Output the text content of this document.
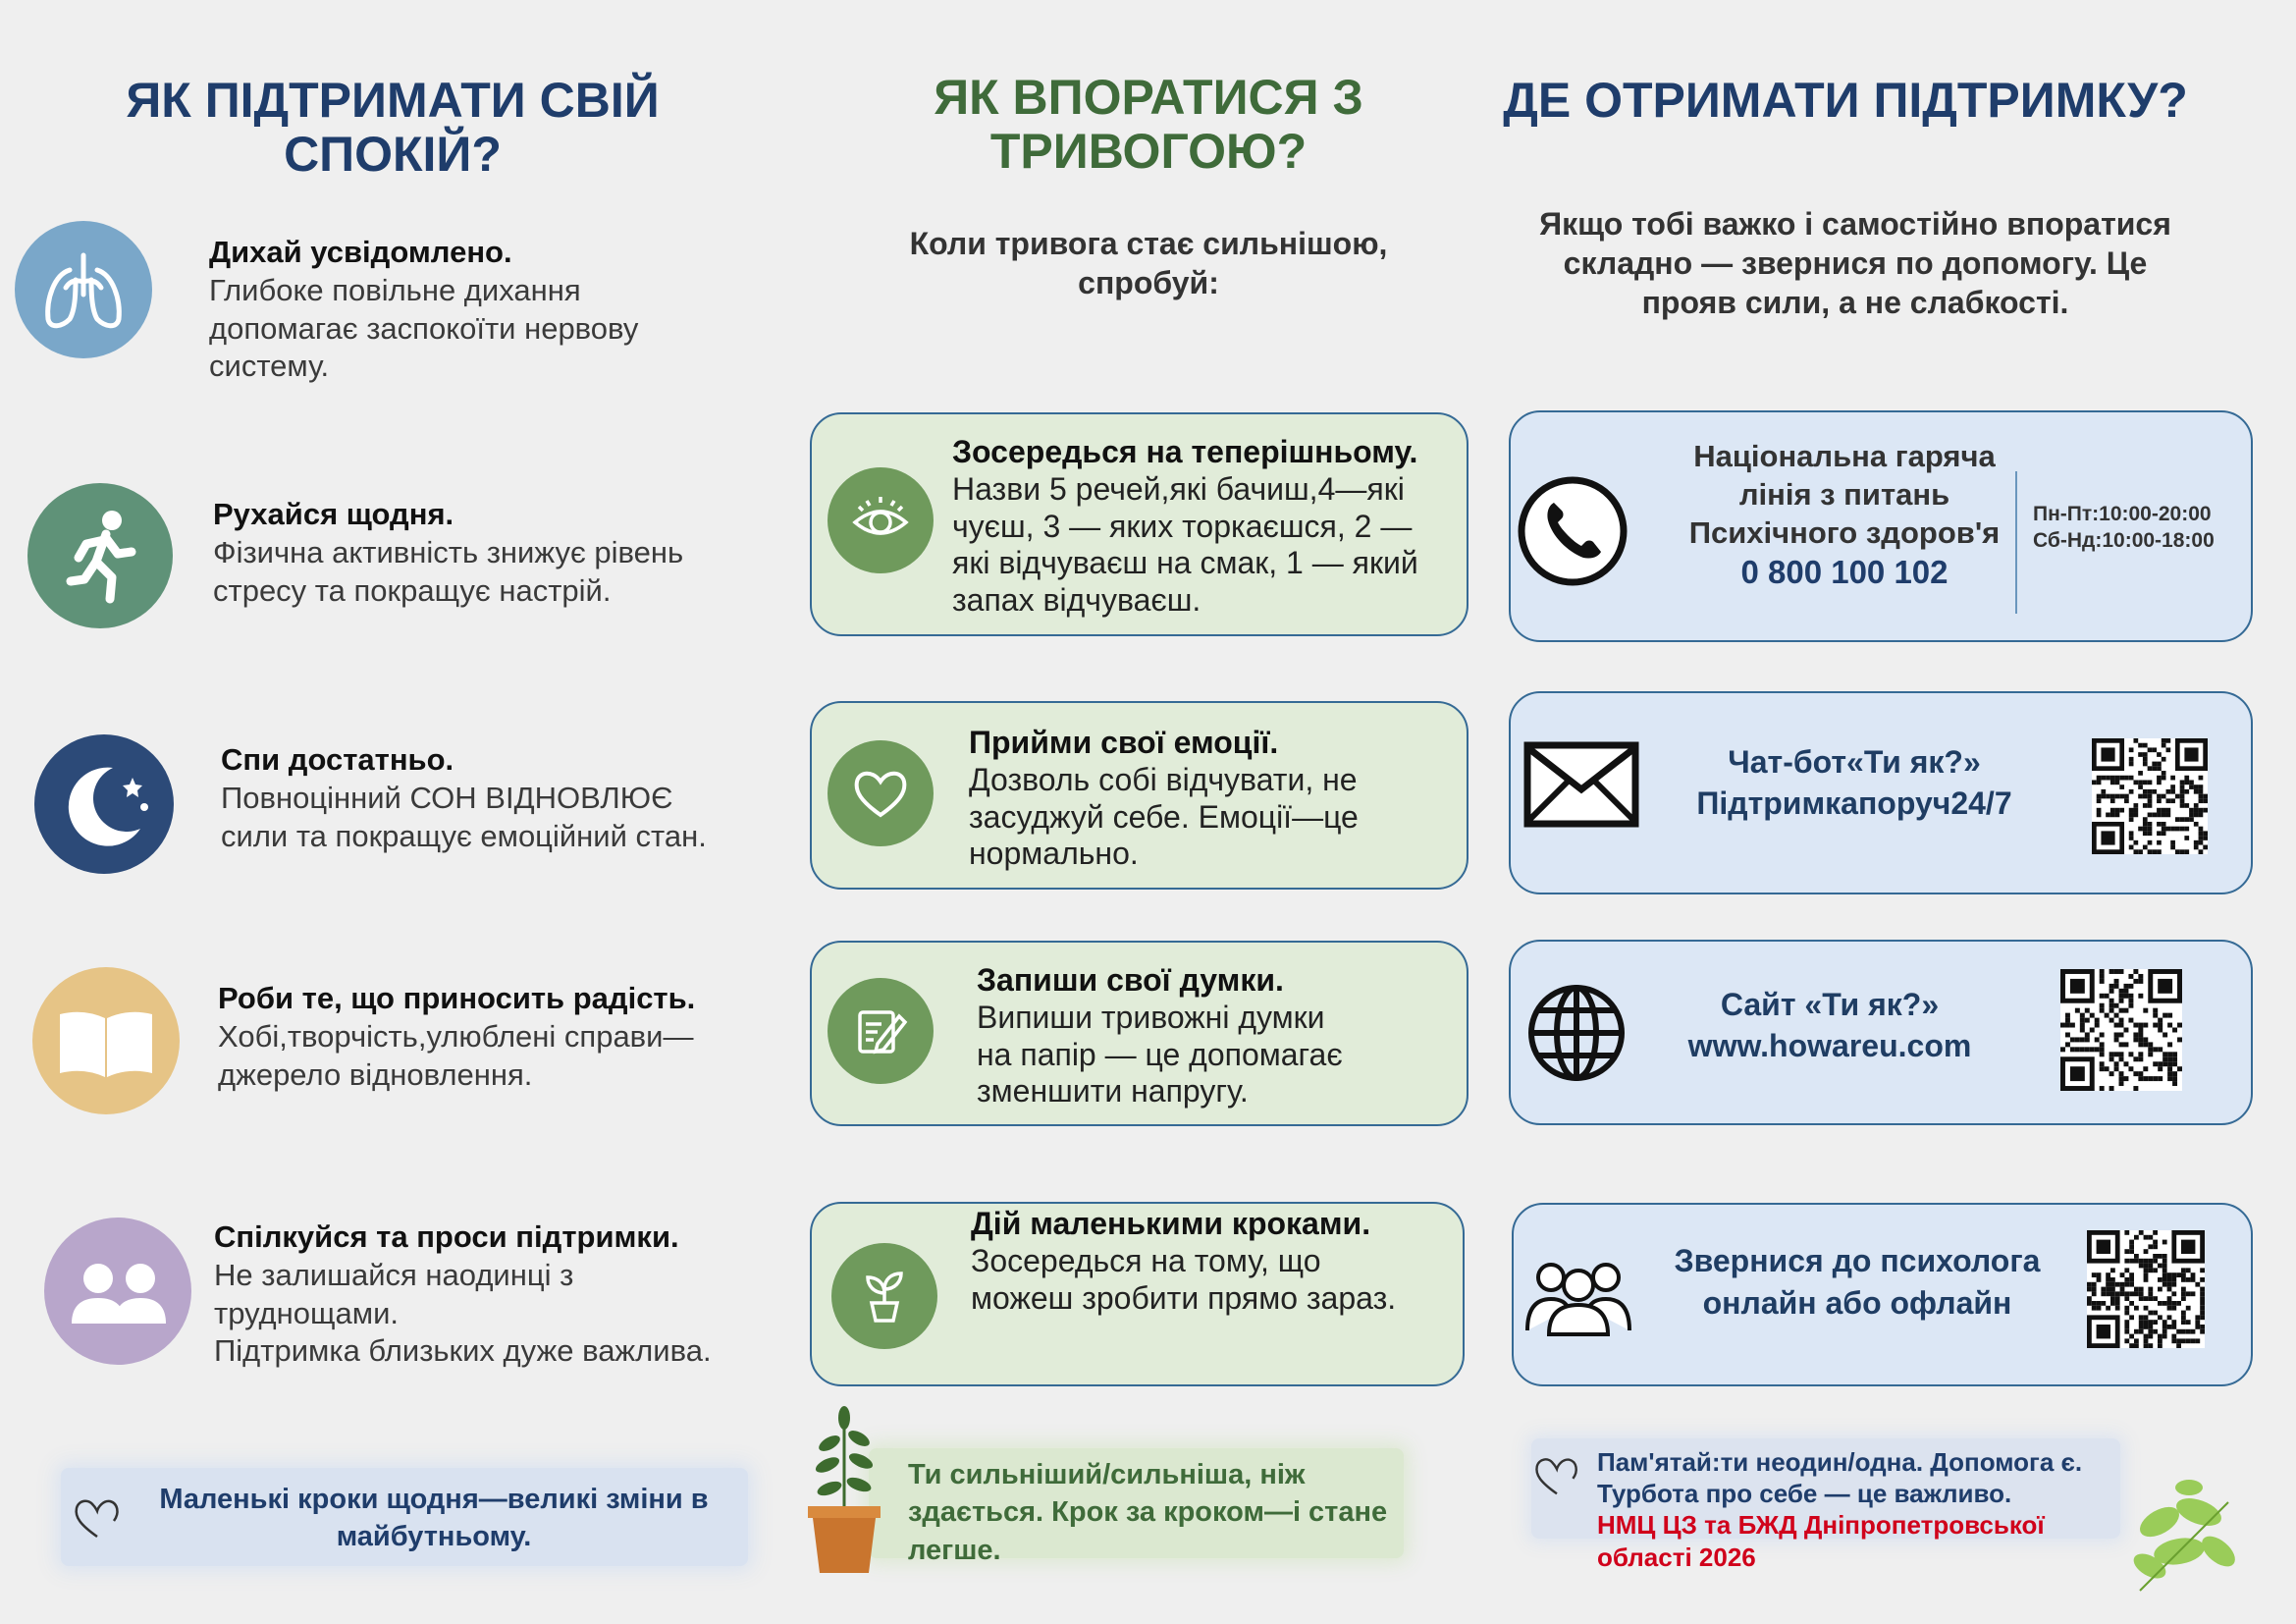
ЯК ПІДТРИМАТИ СВІЙ СПОКІЙ?
Дихай усвідомлено.
Глибоке повільне дихання
допомагає заспокоїти нервову
систему.
Рухайся щодня.
Фізична активність знижує рівень
стресу та покращує настрій.
Спи достатньо.
Повноцінний СОН ВІДНОВЛЮЄ
сили та покращує емоційний стан.
Роби те, що приносить радість.
Хобі,творчість,улюблені справи—
джерело відновлення.
Спілкуйся та проси підтримки.
Не залишайся наодинці з
труднощами.
Підтримка близьких дуже важлива.
Маленькі кроки щодня—великі зміни в майбутньому.
ЯК ВПОРАТИСЯ З ТРИВОГОЮ?
Коли тривога стає сильнішою, спробуй:
Зосередься на теперішньому.
Назви 5 речей,які бачиш,4—які
чуєш, 3 — яких торкаєшся, 2 —
які відчуваєш на смак, 1 — який
запах відчуваєш.
Прийми свої емоції.
Дозволь собі відчувати, не
засуджуй себе. Емоції—це
нормально.
Запиши свої думки.
Випиши тривожні думки
на папір — це допомагає
зменшити напругу.
Дій маленькими кроками.
Зосередься на тому, що
можеш зробити прямо зараз.
Ти сильніший/сильніша, ніж здається. Крок за кроком—і стане легше.
ДЕ ОТРИМАТИ ПІДТРИМКУ?
Якщо тобі важко і самостійно впоратися складно — звернися по допомогу. Це прояв сили, а не слабкості.
Національна гаряча
лінія з питань
Психічного здоров'я
0 800 100 102
Пн-Пт:10:00-20:00
Сб-Нд:10:00-18:00
Чат-бот«Ти як?»
Підтримкапоруч24/7
Сайт «Ти як?»
www.howareu.com
Звернися до психолога
онлайн або офлайн
Пам'ятай:ти неодин/одна. Допомога є.
Турбота про себе — це важливо.
НМЦ ЦЗ та БЖД Дніпропетровської
області 2026
